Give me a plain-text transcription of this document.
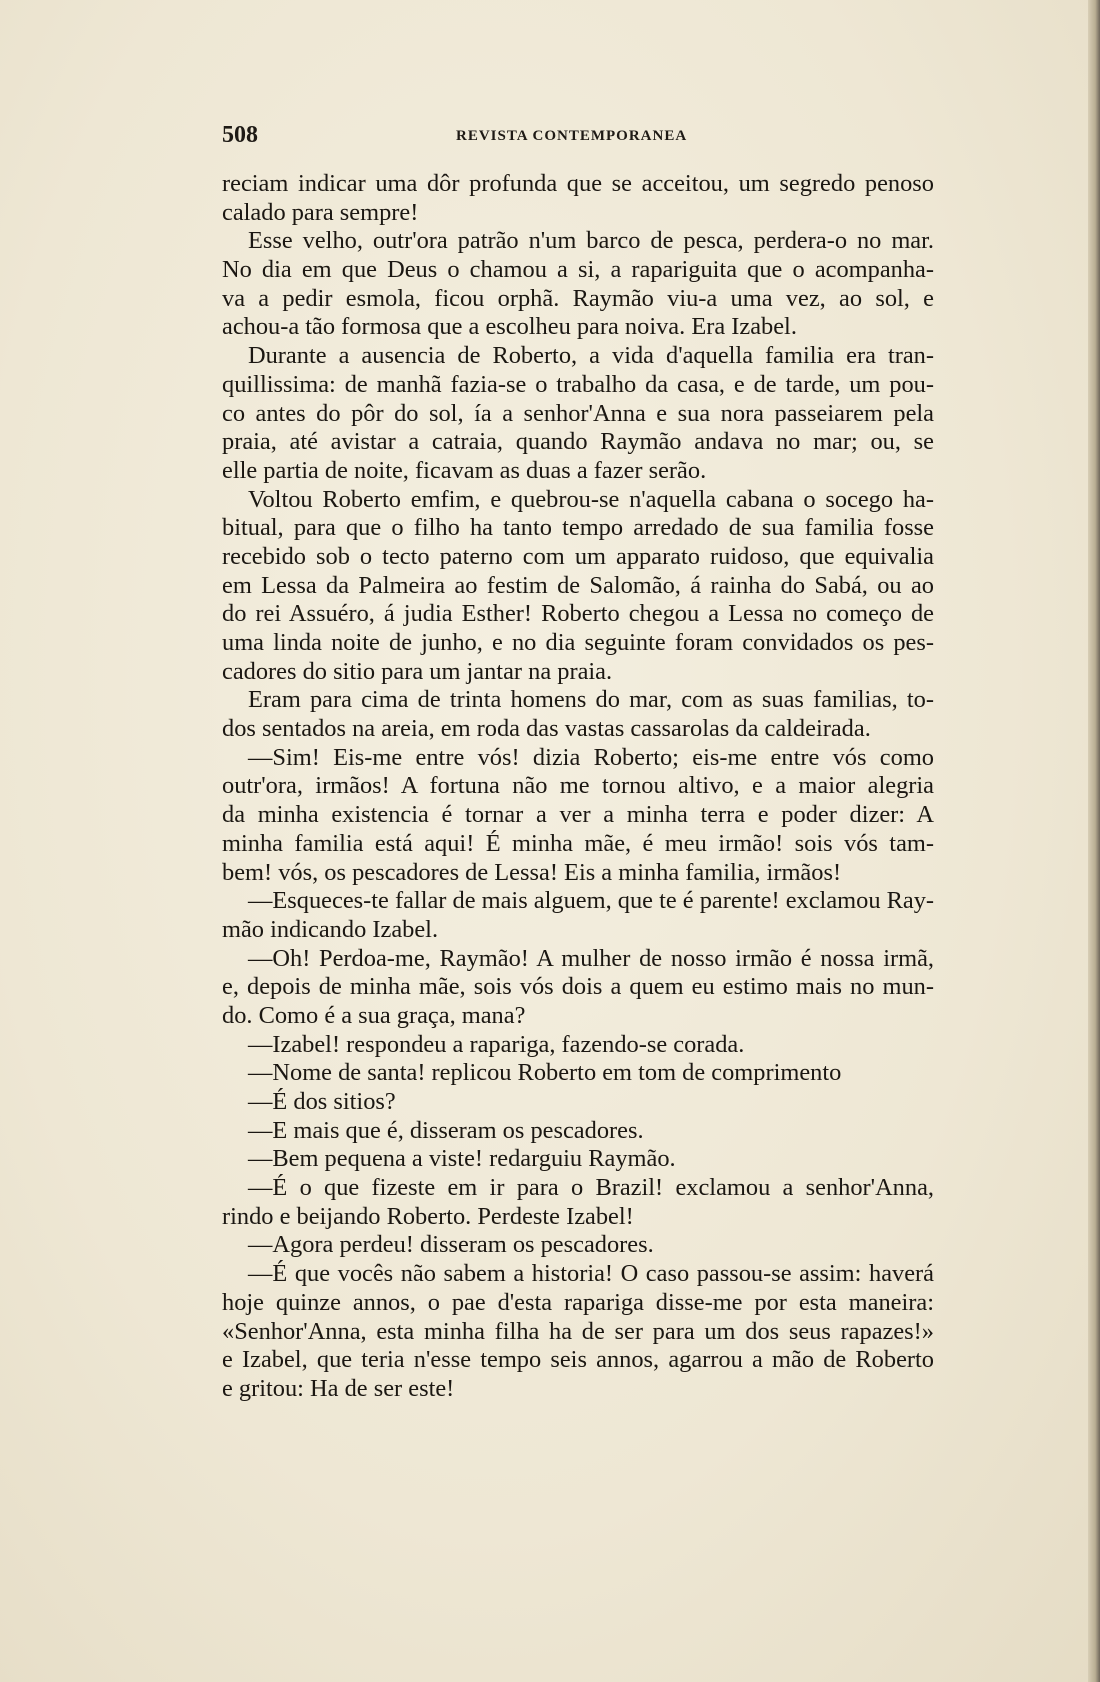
508	REVISTA CONTEMPORANEA
reciam indicar uma dôr profunda que se acceitou, um segredo penoso
calado para sempre!
Esse velho, outr'ora patrão n'um barco de pesca, perdera-o no mar.
No dia em que Deus o chamou a si, a rapariguita que o acompanha-
va a pedir esmola, ficou orphã. Raymão viu-a uma vez, ao sol, e
achou-a tão formosa que a escolheu para noiva. Era Izabel.
Durante a ausencia de Roberto, a vida d'aquella familia era tran-
quillissima: de manhã fazia-se o trabalho da casa, e de tarde, um pou-
co antes do pôr do sol, ía a senhor'Anna e sua nora passeiarem pela
praia, até avistar a catraia, quando Raymão andava no mar; ou, se
elle partia de noite, ficavam as duas a fazer serão.
Voltou Roberto emfim, e quebrou-se n'aquella cabana o socego ha-
bitual, para que o filho ha tanto tempo arredado de sua familia fosse
recebido sob o tecto paterno com um apparato ruidoso, que equivalia
em Lessa da Palmeira ao festim de Salomão, á rainha do Sabá, ou ao
do rei Assuéro, á judia Esther! Roberto chegou a Lessa no começo de
uma linda noite de junho, e no dia seguinte foram convidados os pes-
cadores do sitio para um jantar na praia.
Eram para cima de trinta homens do mar, com as suas familias, to-
dos sentados na areia, em roda das vastas cassarolas da caldeirada.
—Sim! Eis-me entre vós! dizia Roberto; eis-me entre vós como
outr'ora, irmãos! A fortuna não me tornou altivo, e a maior alegria
da minha existencia é tornar a ver a minha terra e poder dizer: A
minha familia está aqui! É minha mãe, é meu irmão! sois vós tam-
bem! vós, os pescadores de Lessa! Eis a minha familia, irmãos!
—Esqueces-te fallar de mais alguem, que te é parente! exclamou Ray-
mão indicando Izabel.
—Oh! Perdoa-me, Raymão! A mulher de nosso irmão é nossa irmã,
e, depois de minha mãe, sois vós dois a quem eu estimo mais no mun-
do. Como é a sua graça, mana?
—Izabel! respondeu a rapariga, fazendo-se corada.
—Nome de santa! replicou Roberto em tom de comprimento
—É dos sitios?
—E mais que é, disseram os pescadores.
—Bem pequena a viste! redarguiu Raymão.
—É o que fizeste em ir para o Brazil! exclamou a senhor'Anna,
rindo e beijando Roberto. Perdeste Izabel!
—Agora perdeu! disseram os pescadores.
—É que vocês não sabem a historia! O caso passou-se assim: haverá
hoje quinze annos, o pae d'esta rapariga disse-me por esta maneira:
«Senhor'Anna, esta minha filha ha de ser para um dos seus rapazes!»
e Izabel, que teria n'esse tempo seis annos, agarrou a mão de Roberto
e gritou: Ha de ser este!
